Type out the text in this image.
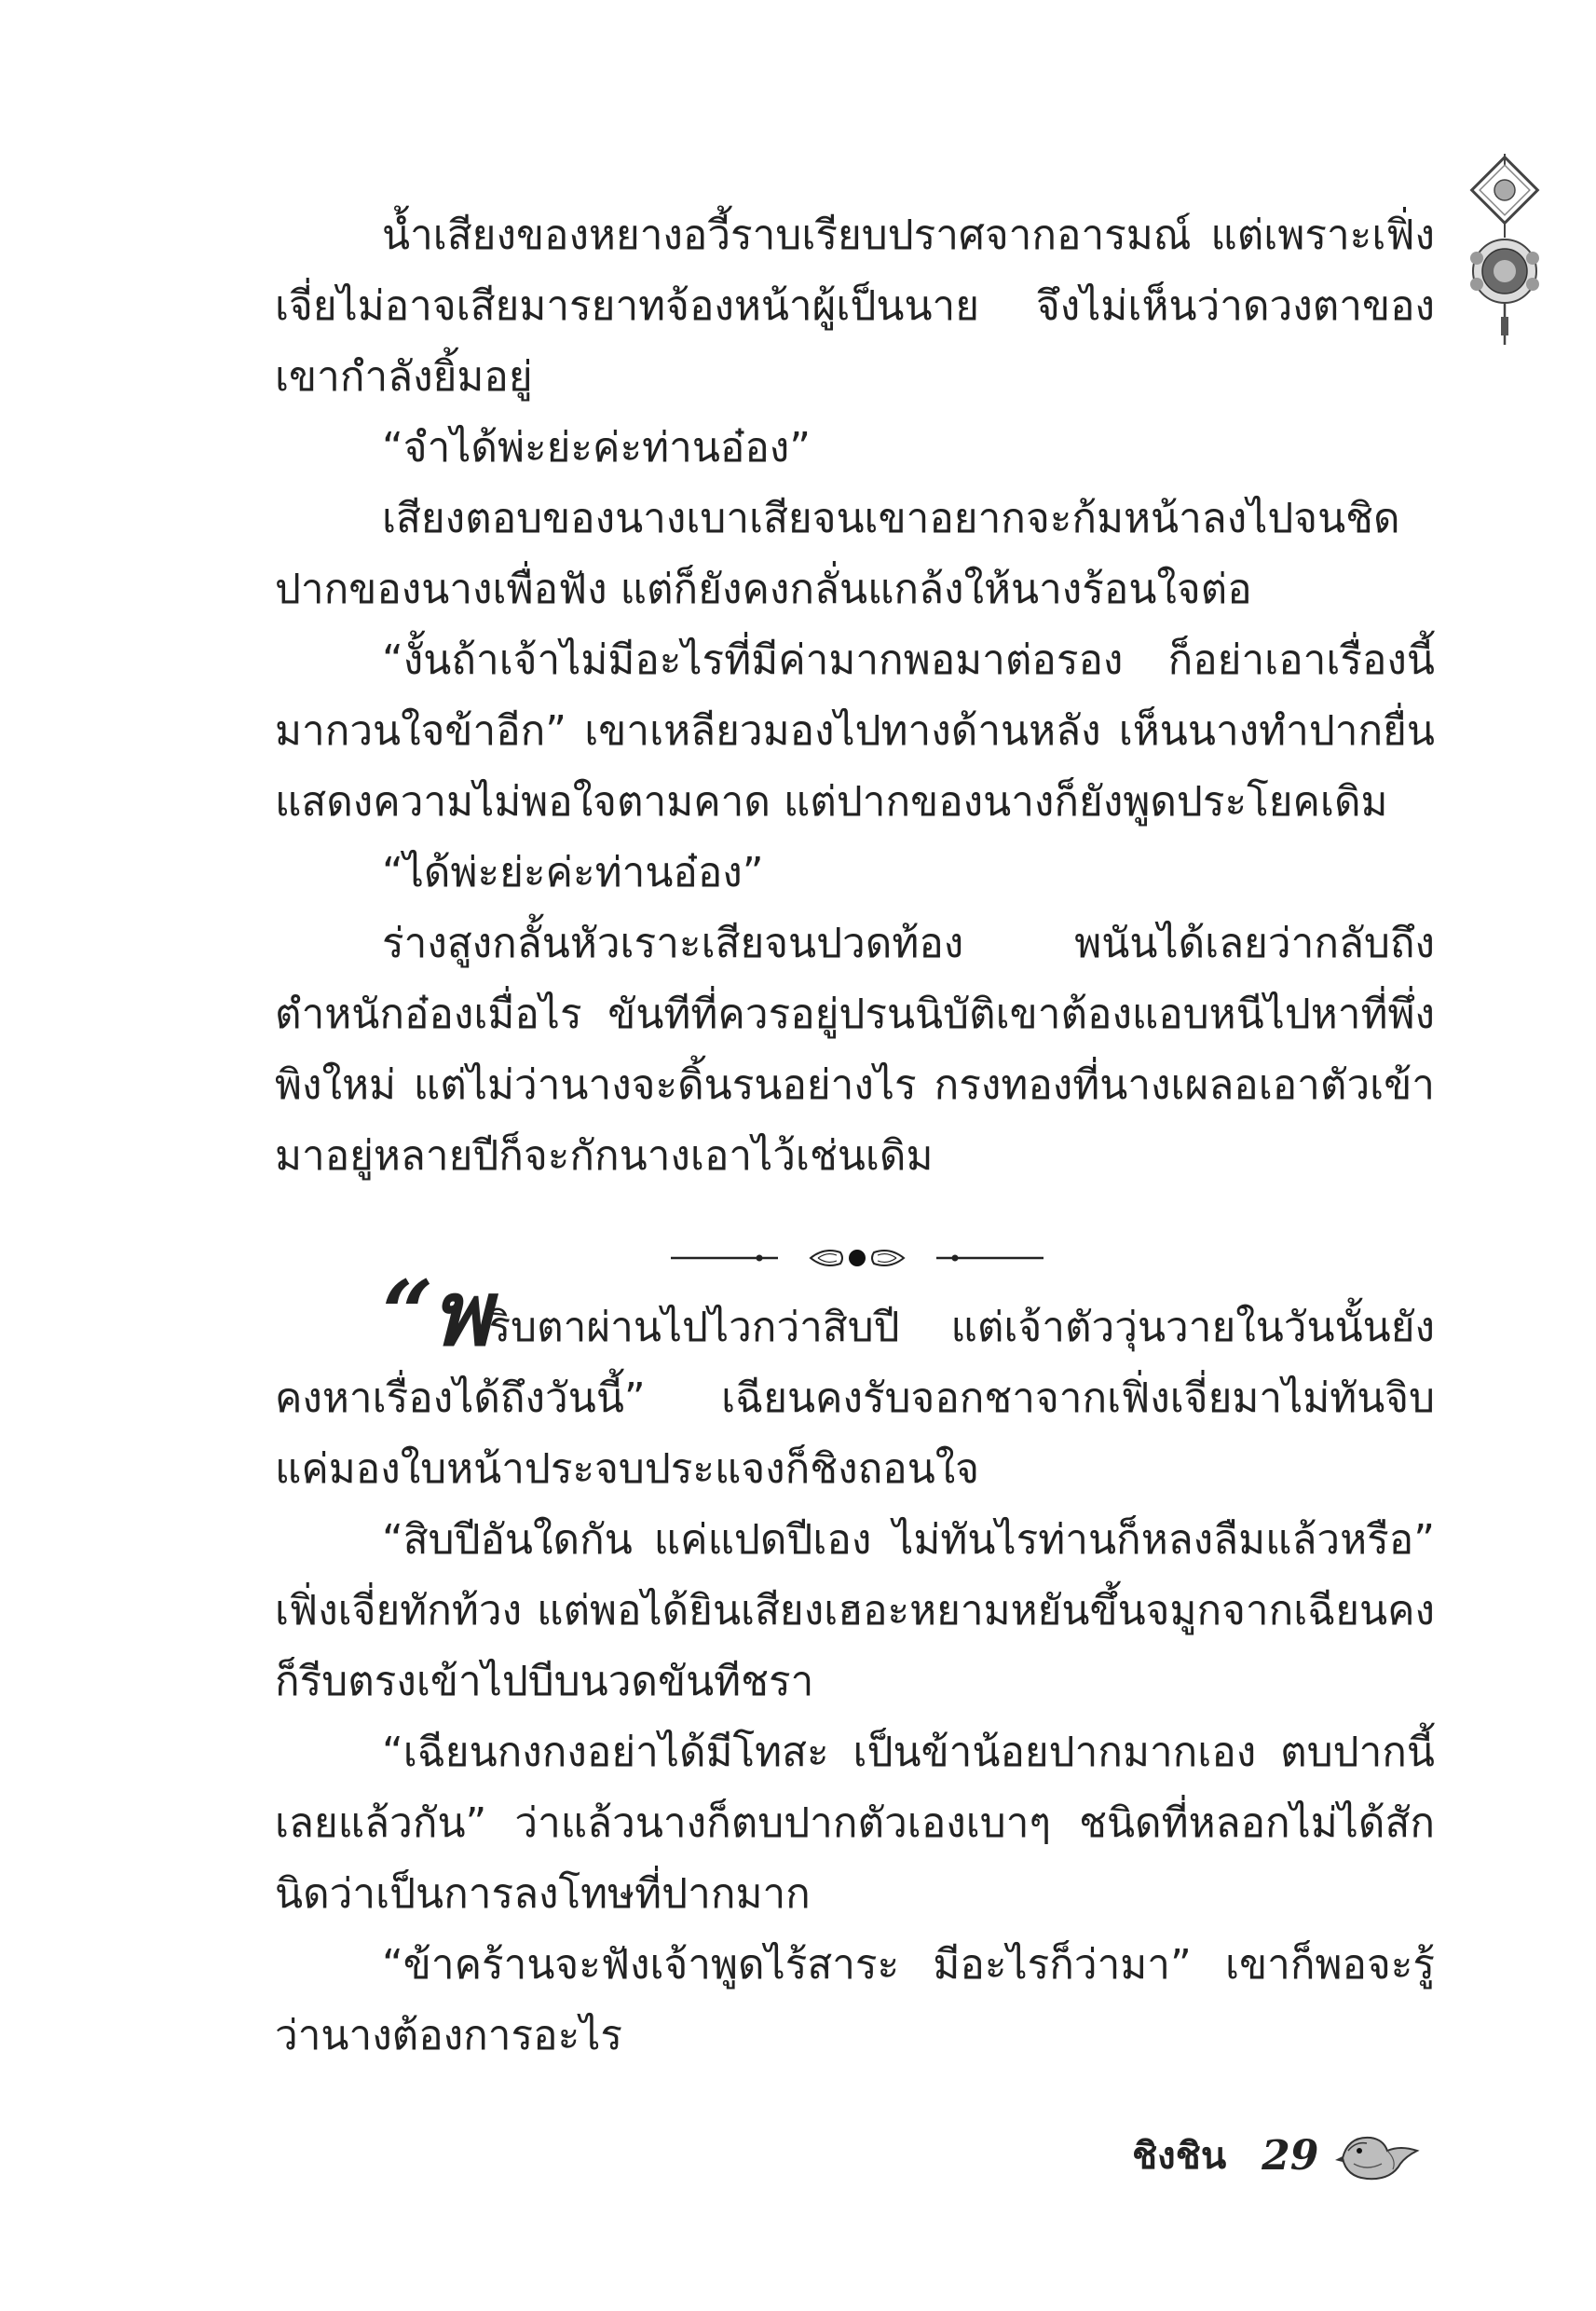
น้ำเสียงของหยางอวี้ราบเรียบปราศจากอารมณ์ แต่เพราะเฟิ่งเจี่ยไม่อาจเสียมารยาทจ้องหน้าผู้เป็นนาย จึงไม่เห็นว่าดวงตาของเขากำลังยิ้มอยู่

“จำได้พ่ะย่ะค่ะท่านอ๋อง”

เสียงตอบของนางเบาเสียจนเขาอยากจะก้มหน้าลงไปจนชิดปากของนางเพื่อฟัง แต่ก็ยังคงกลั่นแกล้งให้นางร้อนใจต่อ

“งั้นถ้าเจ้าไม่มีอะไรที่มีค่ามากพอมาต่อรอง ก็อย่าเอาเรื่องนี้มากวนใจข้าอีก” เขาเหลียวมองไปทางด้านหลัง เห็นนางทำปากยื่นแสดงความไม่พอใจตามคาด แต่ปากของนางก็ยังพูดประโยคเดิม

“ได้พ่ะย่ะค่ะท่านอ๋อง”

ร่างสูงกลั้นหัวเราะเสียจนปวดท้อง พนันได้เลยว่ากลับถึงตำหนักอ๋องเมื่อไร ขันทีที่ควรอยู่ปรนนิบัติเขาต้องแอบหนีไปหาที่พึ่งพิงใหม่ แต่ไม่ว่านางจะดิ้นรนอย่างไร กรงทองที่นางเผลอเอาตัวเข้ามาอยู่หลายปีก็จะกักนางเอาไว้เช่นเดิม

“พริบตาผ่านไปไวกว่าสิบปี แต่เจ้าตัววุ่นวายในวันนั้นยังคงหาเรื่องได้ถึงวันนี้” เฉียนคงรับจอกชาจากเฟิ่งเจี่ยมาไม่ทันจิบ แค่มองใบหน้าประจบประแจงก็ชิงถอนใจ

“สิบปีอันใดกัน แค่แปดปีเอง ไม่ทันไรท่านก็หลงลืมแล้วหรือ” เฟิ่งเจี่ยทักท้วง แต่พอได้ยินเสียงเฮอะหยามหยันขึ้นจมูกจากเฉียนคง ก็รีบตรงเข้าไปบีบนวดขันทีชรา

“เฉียนกงกงอย่าได้มีโทสะ เป็นข้าน้อยปากมากเอง ตบปากนี้เลยแล้วกัน” ว่าแล้วนางก็ตบปากตัวเองเบาๆ ชนิดที่หลอกไม่ได้สักนิดว่าเป็นการลงโทษที่ปากมาก

“ข้าคร้านจะฟังเจ้าพูดไร้สาระ มีอะไรก็ว่ามา” เขาก็พอจะรู้ว่านางต้องการอะไร

ชิงชิน 29
